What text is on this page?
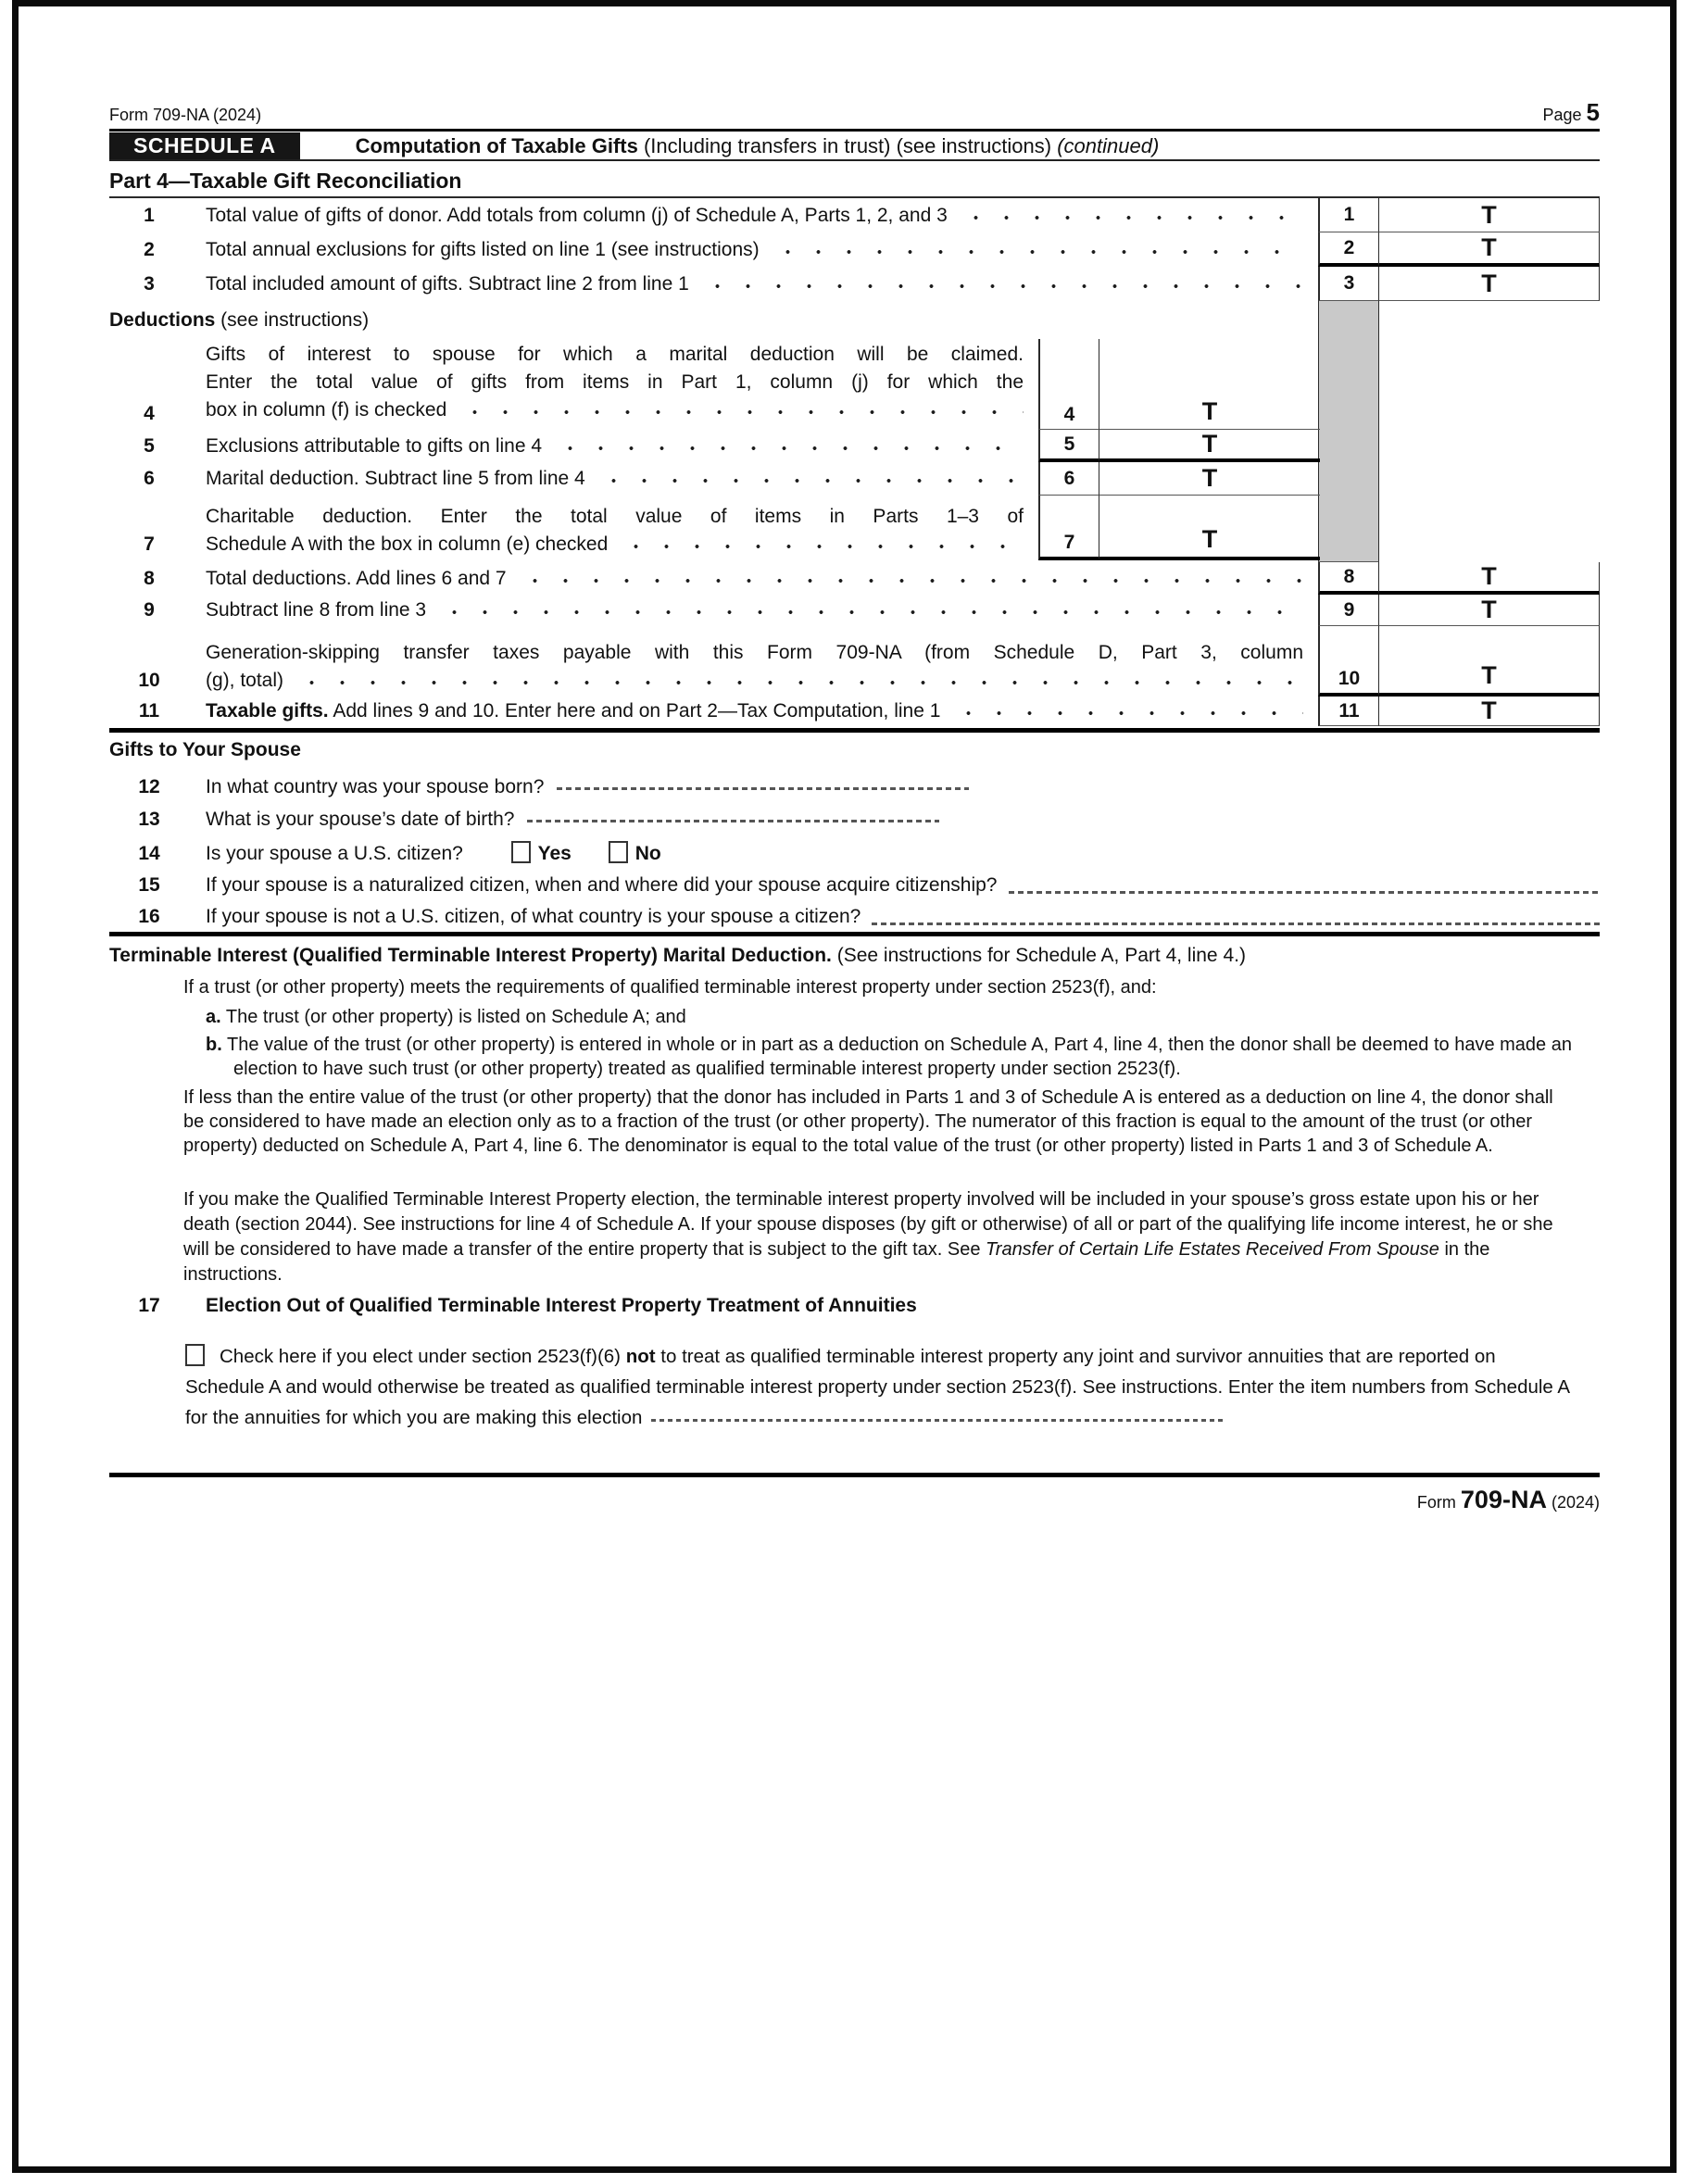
Form 709-NA (2024)	Page 5
SCHEDULE A	Computation of Taxable Gifts (Including transfers in trust) (see instructions) (continued)
Part 4—Taxable Gift Reconciliation
1	Total value of gifts of donor. Add totals from column (j) of Schedule A, Parts 1, 2, and 3	1	T
2	Total annual exclusions for gifts listed on line 1 (see instructions)	2	T
3	Total included amount of gifts. Subtract line 2 from line 1	3	T
Deductions (see instructions)
4
Gifts of interest to spouse for which a marital deduction will be claimed.
Enter the total value of gifts from items in Part 1, column (j) for which the
box in column (f) is checked	4	T
5	Exclusions attributable to gifts on line 4	5	T
6	Marital deduction. Subtract line 5 from line 4	6	T
7
Charitable deduction. Enter the total value of items in Parts 1–3 of
Schedule A with the box in column (e) checked	7	T
8	Total deductions. Add lines 6 and 7	8	T
9	Subtract line 8 from line 3	9	T
10
Generation-skipping transfer taxes payable with this Form 709-NA (from Schedule D, Part 3, column
(g), total)	10	T
11	Taxable gifts. Add lines 9 and 10. Enter here and on Part 2—Tax Computation, line 1	11	T
Gifts to Your Spouse
12	In what country was your spouse born?
13	What is your spouse’s date of birth?
14	Is your spouse a U.S. citizen?	Yes	No
15	If your spouse is a naturalized citizen, when and where did your spouse acquire citizenship?
16	If your spouse is not a U.S. citizen, of what country is your spouse a citizen?
Terminable Interest (Qualified Terminable Interest Property) Marital Deduction. (See instructions for Schedule A, Part 4, line 4.)
If a trust (or other property) meets the requirements of qualified terminable interest property under section 2523(f), and:
a. The trust (or other property) is listed on Schedule A; and
b. The value of the trust (or other property) is entered in whole or in part as a deduction on Schedule A, Part 4, line 4, then the donor shall be deemed to have made an election to have such trust (or other property) treated as qualified terminable interest property under section 2523(f).
If less than the entire value of the trust (or other property) that the donor has included in Parts 1 and 3 of Schedule A is entered as a deduction on line 4, the donor shall be considered to have made an election only as to a fraction of the trust (or other property). The numerator of this fraction is equal to the amount of the trust (or other property) deducted on Schedule A, Part 4, line 6. The denominator is equal to the total value of the trust (or other property) listed in Parts 1 and 3 of Schedule A.
If you make the Qualified Terminable Interest Property election, the terminable interest property involved will be included in your spouse’s gross estate upon his or her death (section 2044). See instructions for line 4 of Schedule A. If your spouse disposes (by gift or otherwise) of all or part of the qualifying life income interest, he or she will be considered to have made a transfer of the entire property that is subject to the gift tax. See Transfer of Certain Life Estates Received From Spouse in the instructions.
17	Election Out of Qualified Terminable Interest Property Treatment of Annuities
Check here if you elect under section 2523(f)(6) not to treat as qualified terminable interest property any joint and survivor annuities that are reported on Schedule A and would otherwise be treated as qualified terminable interest property under section 2523(f). See instructions. Enter the item numbers from Schedule A for the annuities for which you are making this election
Form 709-NA (2024)
